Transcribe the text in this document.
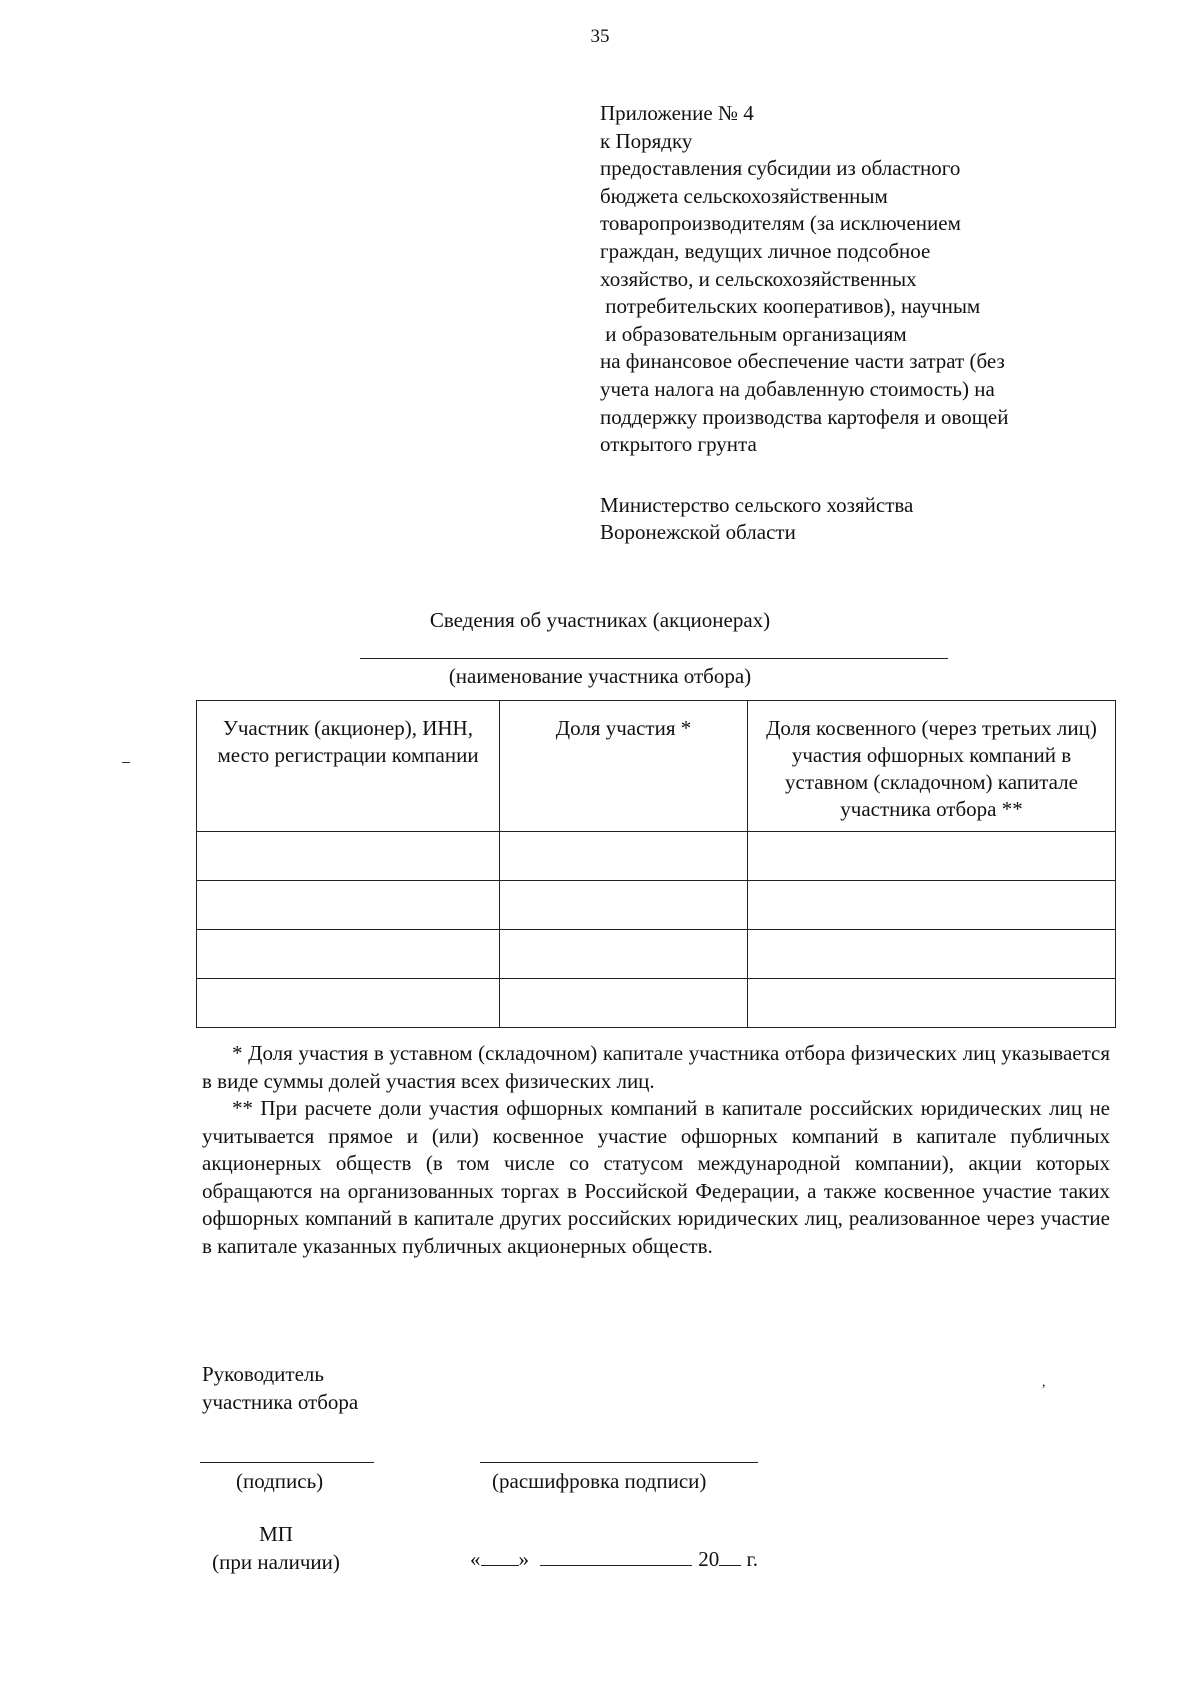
35
Приложение № 4
к Порядку
предоставления субсидии из областного
бюджета сельскохозяйственным
товаропроизводителям (за исключением
граждан, ведущих личное подсобное
хозяйство, и сельскохозяйственных
потребительских кооперативов), научным
и образовательным организациям
на финансовое обеспечение части затрат (без
учета налога на добавленную стоимость) на
поддержку производства картофеля и овощей
открытого грунта
Министерство сельского хозяйства
Воронежской области
Сведения об участниках (акционерах)
(наименование участника отбора)
Участник (акционер), ИНН, место регистрации компании	Доля участия *	Доля косвенного (через третьих лиц) участия офшорных компаний в уставном (складочном) капитале участника отбора **

* Доля участия в уставном (складочном) капитале участника отбора физических лиц указывается в виде суммы долей участия всех физических лиц.

** При расчете доли участия офшорных компаний в капитале российских юридических лиц не учитывается прямое и (или) косвенное участие офшорных компаний в капитале публичных акционерных обществ (в том числе со статусом международной компании), акции которых обращаются на организованных торгах в Российской Федерации, а также косвенное участие таких офшорных компаний в капитале других российских юридических лиц, реализованное через участие в капитале указанных публичных акционерных обществ.

Руководитель
участника отбора
,
(подпись)	(расшифровка подписи)
МП
(при наличии)	« »	20 г.
